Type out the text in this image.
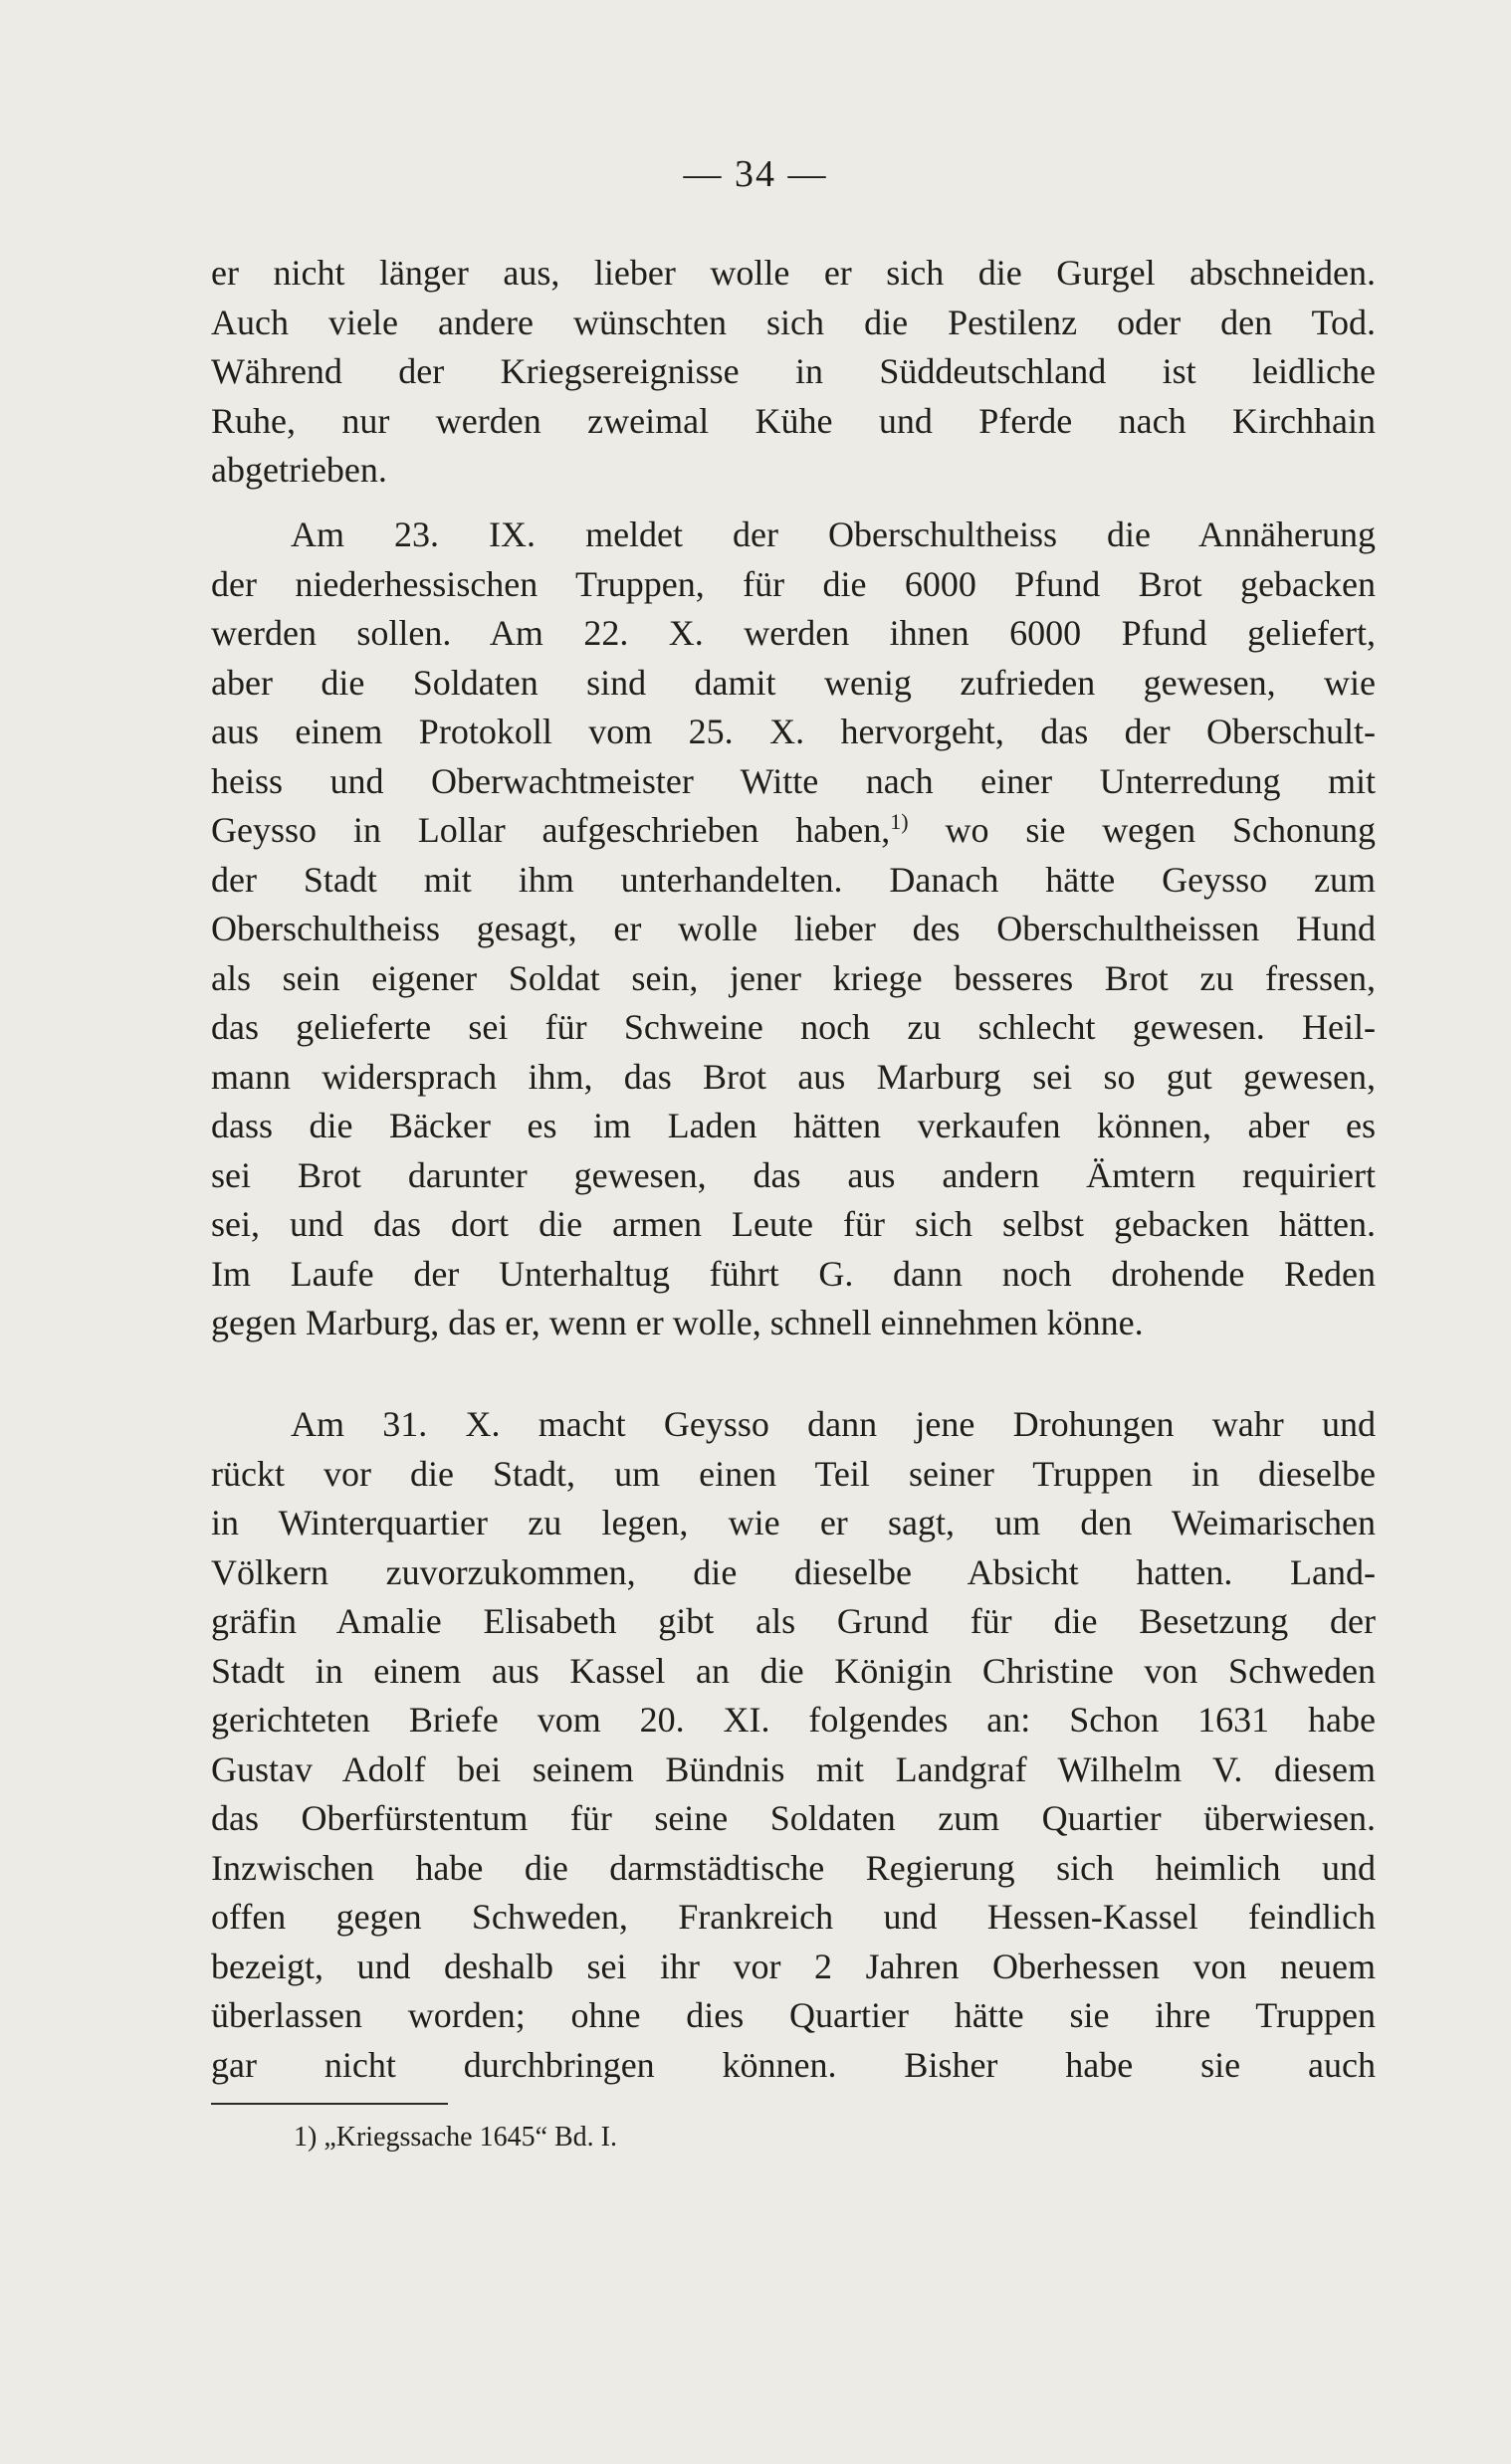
— 34 —
er nicht länger aus, lieber wolle er sich die Gurgel abschneiden.
Auch viele andere wünschten sich die Pestilenz oder den Tod.
Während der Kriegsereignisse in Süddeutschland ist leidliche
Ruhe, nur werden zweimal Kühe und Pferde nach Kirchhain
abgetrieben.
Am 23. IX. meldet der Oberschultheiss die Annäherung
der niederhessischen Truppen, für die 6000 Pfund Brot gebacken
werden sollen. Am 22. X. werden ihnen 6000 Pfund geliefert,
aber die Soldaten sind damit wenig zufrieden gewesen, wie
aus einem Protokoll vom 25. X. hervorgeht, das der Oberschult-
heiss und Oberwachtmeister Witte nach einer Unterredung mit
Geysso in Lollar aufgeschrieben haben,$^{1)}$ wo sie wegen Schonung
der Stadt mit ihm unterhandelten. Danach hätte Geysso zum
Oberschultheiss gesagt, er wolle lieber des Oberschultheissen Hund
als sein eigener Soldat sein, jener kriege besseres Brot zu fressen,
das gelieferte sei für Schweine noch zu schlecht gewesen. Heil-
mann widersprach ihm, das Brot aus Marburg sei so gut gewesen,
dass die Bäcker es im Laden hätten verkaufen können, aber es
sei Brot darunter gewesen, das aus andern Ämtern requiriert
sei, und das dort die armen Leute für sich selbst gebacken hätten.
Im Laufe der Unterhaltug führt G. dann noch drohende Reden
gegen Marburg, das er, wenn er wolle, schnell einnehmen könne.
Am 31. X. macht Geysso dann jene Drohungen wahr und
rückt vor die Stadt, um einen Teil seiner Truppen in dieselbe
in Winterquartier zu legen, wie er sagt, um den Weimarischen
Völkern zuvorzukommen, die dieselbe Absicht hatten. Land-
gräfin Amalie Elisabeth gibt als Grund für die Besetzung der
Stadt in einem aus Kassel an die Königin Christine von Schweden
gerichteten Briefe vom 20. XI. folgendes an: Schon 1631 habe
Gustav Adolf bei seinem Bündnis mit Landgraf Wilhelm V. diesem
das Oberfürstentum für seine Soldaten zum Quartier überwiesen.
Inzwischen habe die darmstädtische Regierung sich heimlich und
offen gegen Schweden, Frankreich und Hessen-Kassel feindlich
bezeigt, und deshalb sei ihr vor 2 Jahren Oberhessen von neuem
überlassen worden; ohne dies Quartier hätte sie ihre Truppen
gar nicht durchbringen können. Bisher habe sie auch
1) „Kriegssache 1645“ Bd. I.
